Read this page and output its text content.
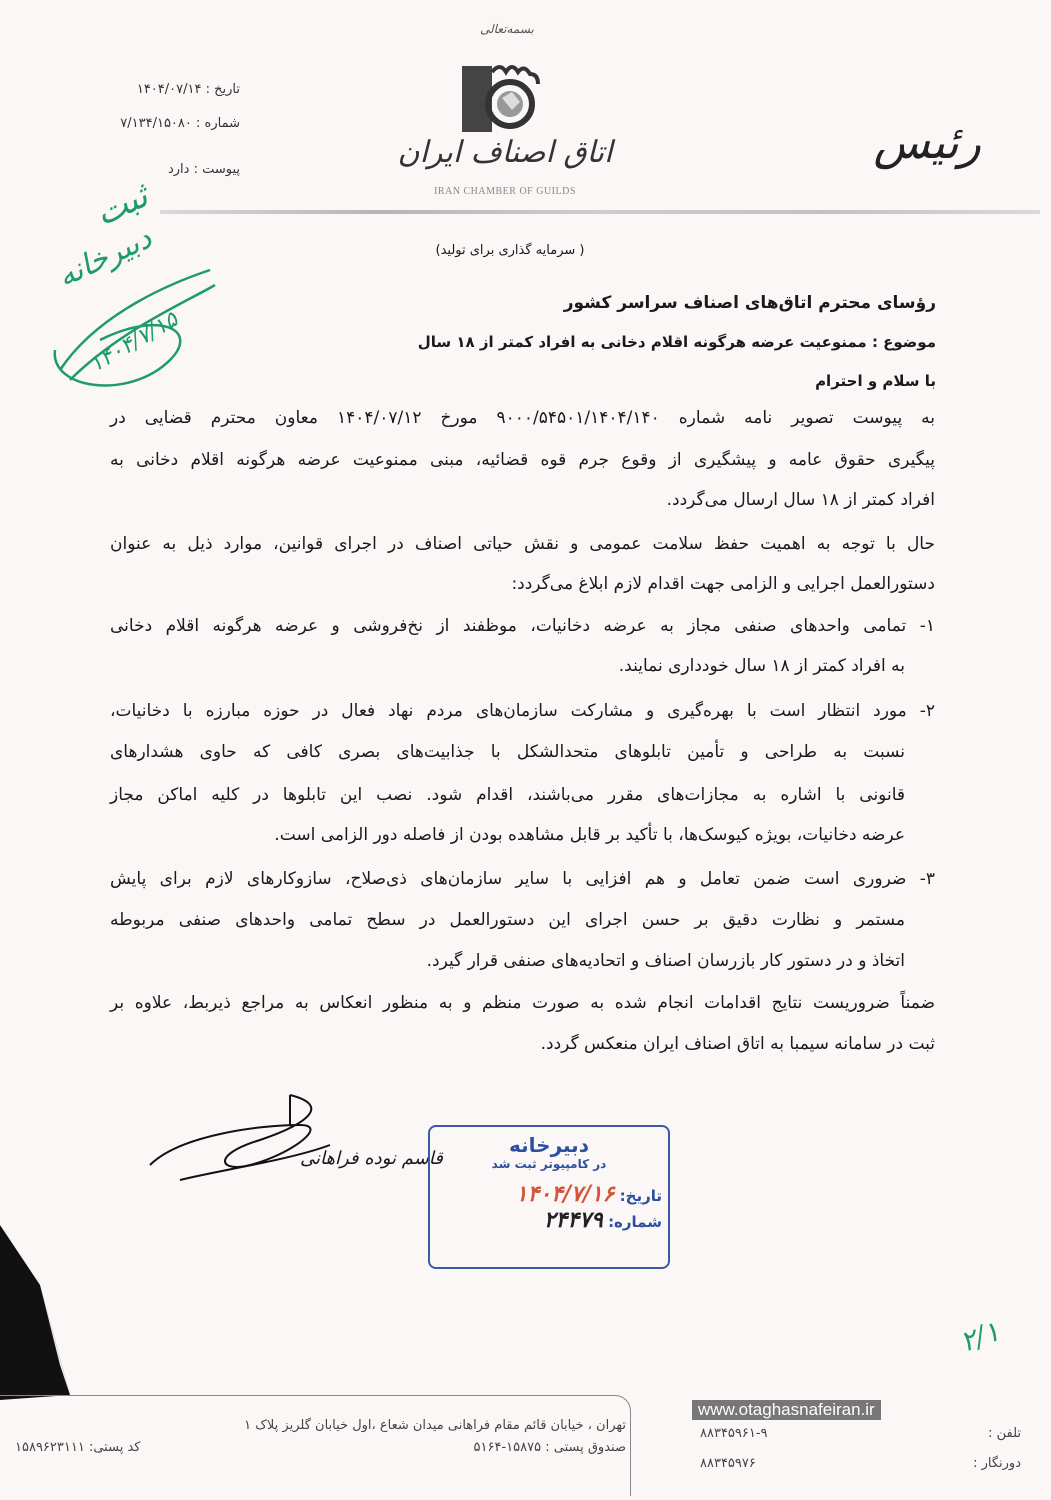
بسمه‌تعالی
اتاق اصناف ایران
IRAN CHAMBER OF GUILDS
رئیس
تاریخ : ۱۴۰۴/۰۷/۱۴
شماره : ۷/۱۳۴/۱۵۰۸۰
پیوست : دارد
ثبت
دبیرخانه
۱۴۰۴/۷/۱۵
( سرمایه گذاری برای تولید)
رؤسای محترم اتاق‌های اصناف سراسر کشور
موضوع : ممنوعیت عرضه هرگونه اقلام دخانی به افراد کمتر از ۱۸ سال
با سلام و احترام
به پیوست تصویر نامه شماره ۹۰۰۰/۵۴۵۰۱/۱۴۰۴/۱۴۰ مورخ ۱۴۰۴/۰۷/۱۲ معاون محترم قضایی در
پیگیری حقوق عامه و پیشگیری از وقوع جرم قوه قضائیه، مبنی ممنوعیت عرضه هرگونه اقلام دخانی به
افراد کمتر از ۱۸ سال ارسال می‌گردد.
حال با توجه به اهمیت حفظ سلامت عمومی و نقش حیاتی اصناف در اجرای قوانین، موارد ذیل به عنوان
دستورالعمل اجرایی و الزامی جهت اقدام لازم ابلاغ می‌گردد:
۱- تمامی واحدهای صنفی مجاز به عرضه دخانیات، موظفند از نخ‌فروشی و عرضه هرگونه اقلام دخانی
به افراد کمتر از ۱۸ سال خودداری نمایند.
۲- مورد انتظار است با بهره‌گیری و مشارکت سازمان‌های مردم نهاد فعال در حوزه مبارزه با دخانیات،
نسبت به طراحی و تأمین تابلوهای متحدالشکل با جذابیت‌های بصری کافی که حاوی هشدارهای
قانونی با اشاره به مجازات‌های مقرر می‌باشند، اقدام شود. نصب این تابلوها در کلیه اماکن مجاز
عرضه دخانیات، بویژه کیوسک‌ها، با تأکید بر قابل مشاهده بودن از فاصله دور الزامی است.
۳- ضروری است ضمن تعامل و هم افزایی با سایر سازمان‌های ذی‌صلاح، سازوکارهای لازم برای پایش
مستمر و نظارت دقیق بر حسن اجرای این دستورالعمل در سطح تمامی واحدهای صنفی مربوطه
اتخاذ و در دستور کار بازرسان اصناف و اتحادیه‌های صنفی قرار گیرد.
ضمناً ضروریست نتایج اقدامات انجام شده به صورت منظم و به منظور انعکاس به مراجع ذیربط، علاوه بر
ثبت در سامانه سیمبا به اتاق اصناف ایران منعکس گردد.
قاسم نوده فراهانی
دبیرخانه
در کامپیوتر ثبت شد
تاریخ: ۱۴۰۴/۷/۱۶
شماره: ۲۴۴۷۹
۲/۱
تهران ، خیابان قائم مقام فراهانی میدان شعاع ،اول خیابان گلریز پلاک ۱
صندوق پستی : ۱۵۸۷۵-۵۱۶۴
کد پستی: ۱۵۸۹۶۲۳۱۱۱
www.otaghasnafeiran.ir
تلفن :
۸۸۳۴۵۹۶۱-۹
دورنگار :
۸۸۳۴۵۹۷۶
